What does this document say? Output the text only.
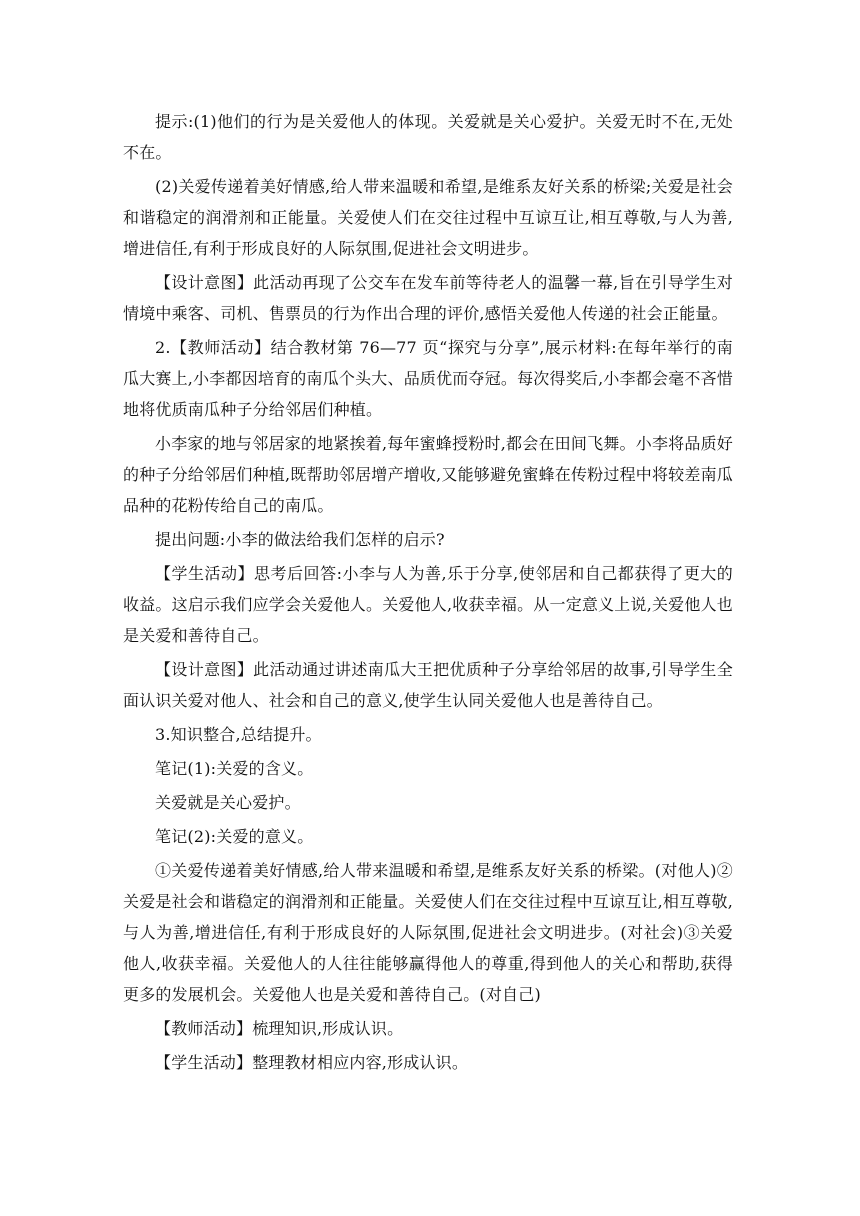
提示:(1)他们的行为是关爱他人的体现。关爱就是关心爱护。关爱无时不在,无处不在。

(2)关爱传递着美好情感,给人带来温暖和希望,是维系友好关系的桥梁;关爱是社会和谐稳定的润滑剂和正能量。关爱使人们在交往过程中互谅互让,相互尊敬,与人为善,增进信任,有利于形成良好的人际氛围,促进社会文明进步。

【设计意图】此活动再现了公交车在发车前等待老人的温馨一幕,旨在引导学生对情境中乘客、司机、售票员的行为作出合理的评价,感悟关爱他人传递的社会正能量。

2.【教师活动】结合教材第 76—77 页“探究与分享”,展示材料:在每年举行的南瓜大赛上,小李都因培育的南瓜个头大、品质优而夺冠。每次得奖后,小李都会毫不吝惜地将优质南瓜种子分给邻居们种植。

小李家的地与邻居家的地紧挨着,每年蜜蜂授粉时,都会在田间飞舞。小李将品质好的种子分给邻居们种植,既帮助邻居增产增收,又能够避免蜜蜂在传粉过程中将较差南瓜品种的花粉传给自己的南瓜。

提出问题:小李的做法给我们怎样的启示?

【学生活动】思考后回答:小李与人为善,乐于分享,使邻居和自己都获得了更大的收益。这启示我们应学会关爱他人。关爱他人,收获幸福。从一定意义上说,关爱他人也是关爱和善待自己。

【设计意图】此活动通过讲述南瓜大王把优质种子分享给邻居的故事,引导学生全面认识关爱对他人、社会和自己的意义,使学生认同关爱他人也是善待自己。

3.知识整合,总结提升。

笔记(1):关爱的含义。

关爱就是关心爱护。

笔记(2):关爱的意义。

①关爱传递着美好情感,给人带来温暖和希望,是维系友好关系的桥梁。(对他人)②关爱是社会和谐稳定的润滑剂和正能量。关爱使人们在交往过程中互谅互让,相互尊敬,与人为善,增进信任,有利于形成良好的人际氛围,促进社会文明进步。(对社会)③关爱他人,收获幸福。关爱他人的人往往能够赢得他人的尊重,得到他人的关心和帮助,获得更多的发展机会。关爱他人也是关爱和善待自己。(对自己)

【教师活动】梳理知识,形成认识。

【学生活动】整理教材相应内容,形成认识。
